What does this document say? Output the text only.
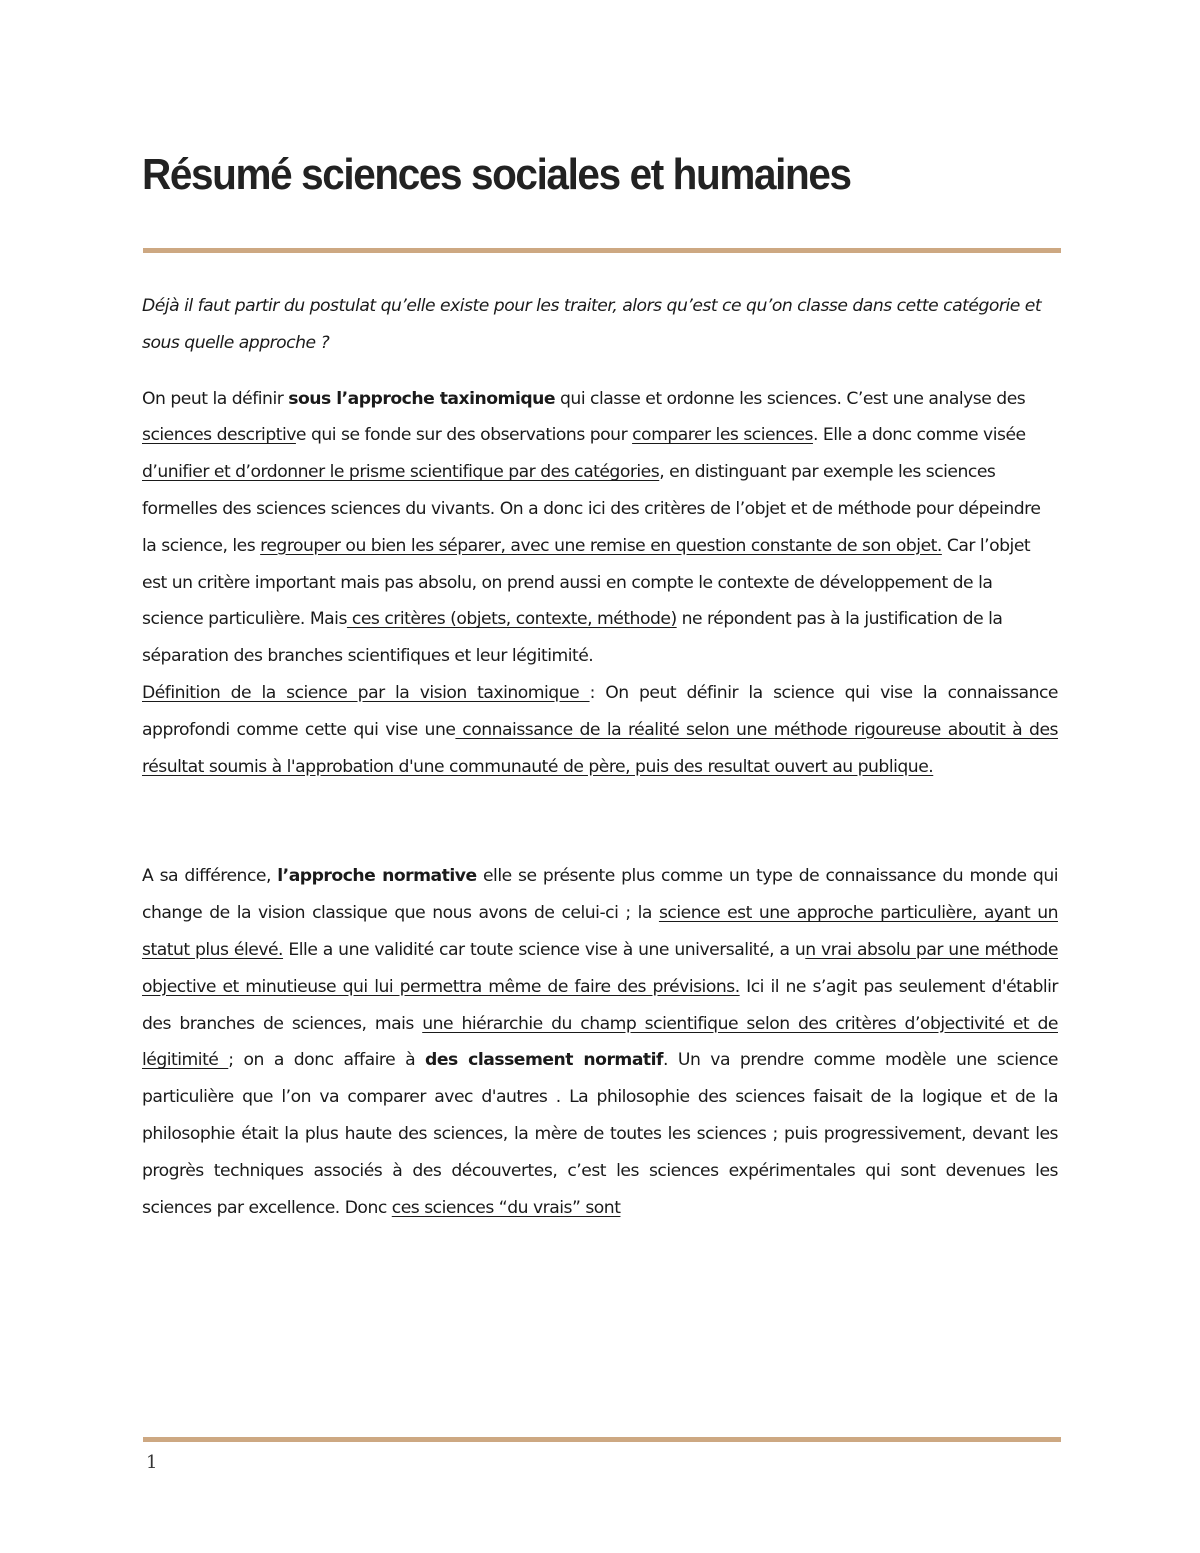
Résumé sciences sociales et humaines

Déjà il faut partir du postulat qu’elle existe pour les traiter, alors qu’est ce qu’on classe dans cette catégorie et sous quelle approche ?

On peut la définir sous l’approche taxinomique qui classe et ordonne les sciences. C’est une analyse des sciences descriptive qui se fonde sur des observations pour comparer les sciences. Elle a donc comme visée d’unifier et d’ordonner le prisme scientifique par des catégories, en distinguant par exemple les sciences formelles des sciences sciences du vivants. On a donc ici des critères de l’objet et de méthode pour dépeindre la science, les regrouper ou bien les séparer, avec une remise en question constante de son objet. Car l’objet est un critère important mais pas absolu, on prend aussi en compte le contexte de développement de la science particulière. Mais ces critères (objets, contexte, méthode) ne répondent pas à la justification de la séparation des branches scientifiques et leur légitimité.

Définition de la science par la vision taxinomique : On peut définir la science qui vise la connaissance approfondi comme cette qui vise une connaissance de la réalité selon une méthode rigoureuse aboutit à des résultat soumis à l'approbation d'une communauté de père, puis des resultat ouvert au publique.

A sa différence, l’approche normative elle se présente plus comme un type de connaissance du monde qui change de la vision classique que nous avons de celui-ci ; la science est une approche particulière, ayant un statut plus élevé. Elle a une validité car toute science vise à une universalité, a un vrai absolu par une méthode objective et minutieuse qui lui permettra même de faire des prévisions. Ici il ne s’agit pas seulement d'établir des branches de sciences, mais une hiérarchie du champ scientifique selon des critères d’objectivité et de légitimité ; on a donc affaire à des classement normatif. Un va prendre comme modèle une science particulière que l’on va comparer avec d'autres . La philosophie des sciences faisait de la logique et de la philosophie était la plus haute des sciences, la mère de toutes les sciences ; puis progressivement, devant les progrès techniques associés à des découvertes, c’est les sciences expérimentales qui sont devenues les sciences par excellence. Donc ces sciences “du vrais” sont

1
